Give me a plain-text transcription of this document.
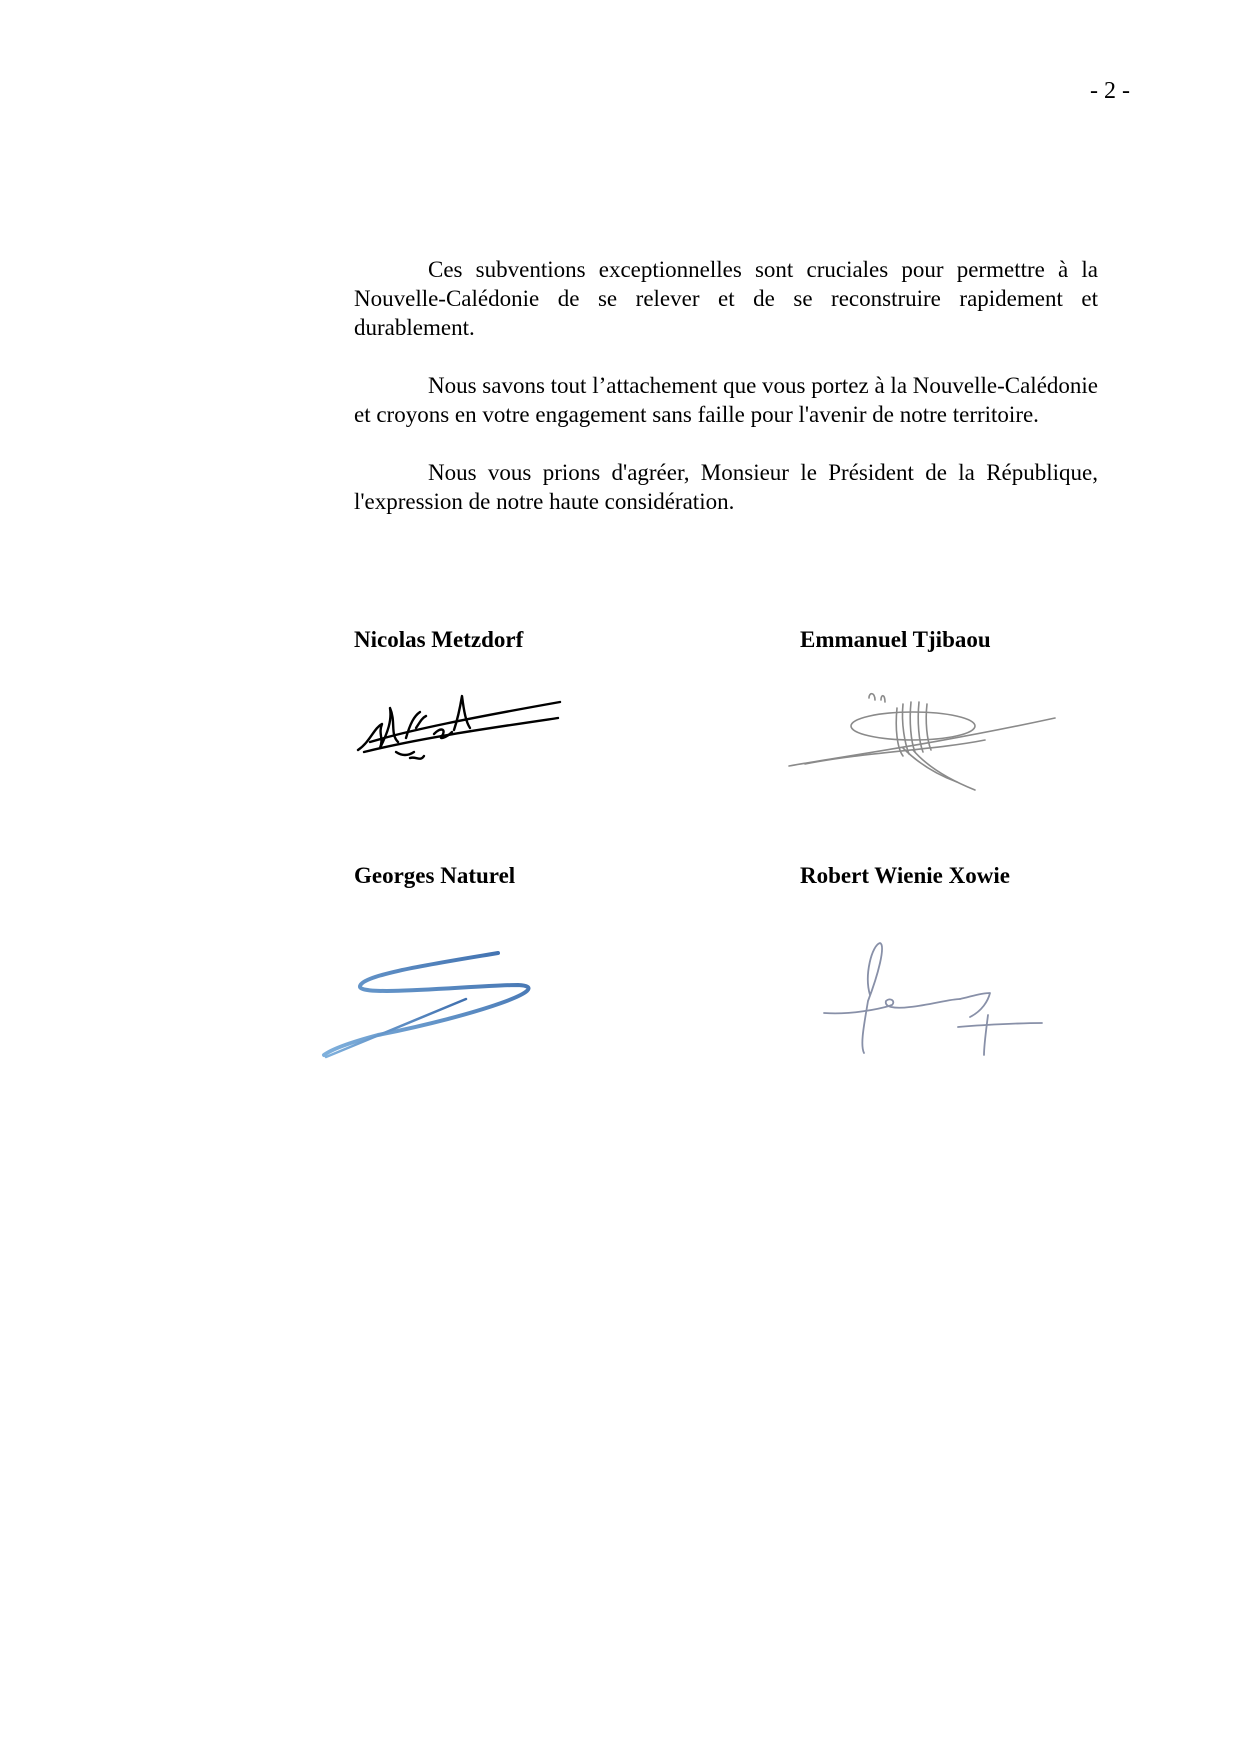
- 2 -

Ces subventions exceptionnelles sont cruciales pour permettre à la Nouvelle-Calédonie de se relever et de se reconstruire rapidement et durablement.

Nous savons tout l’attachement que vous portez à la Nouvelle-Calédonie et croyons en votre engagement sans faille pour l'avenir de notre territoire.

Nous vous prions d'agréer, Monsieur le Président de la République, l'expression de notre haute considération.

Nicolas Metzdorf	Emmanuel Tjibaou
Georges Naturel	Robert Wienie Xowie
